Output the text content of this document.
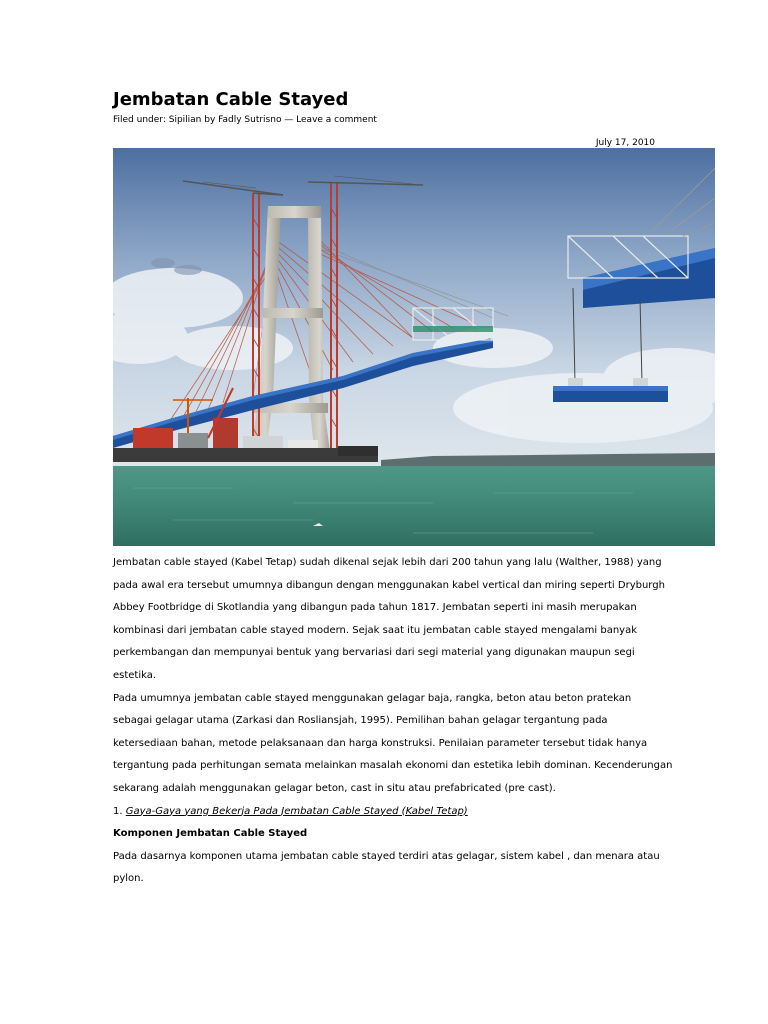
Jembatan Cable Stayed
Filed under: Sipilian by Fadly Sutrisno — Leave a comment
July 17, 2010

Jembatan cable stayed (Kabel Tetap) sudah dikenal sejak lebih dari 200 tahun yang lalu (Walther, 1988) yang pada awal era tersebut umumnya dibangun dengan menggunakan kabel vertical dan miring seperti Dryburgh Abbey Footbridge di Skotlandia yang dibangun pada tahun 1817. Jembatan seperti ini masih merupakan kombinasi dari jembatan cable stayed modern. Sejak saat itu jembatan cable stayed mengalami banyak perkembangan dan mempunyai bentuk yang bervariasi dari segi material yang digunakan maupun segi estetika.

Pada umumnya jembatan cable stayed menggunakan gelagar baja, rangka, beton atau beton pratekan sebagai gelagar utama (Zarkasi dan Rosliansjah, 1995). Pemilihan bahan gelagar tergantung pada ketersediaan bahan, metode pelaksanaan dan harga konstruksi. Penilaian parameter tersebut tidak hanya tergantung pada perhitungan semata melainkan masalah ekonomi dan estetika lebih dominan. Kecenderungan sekarang adalah menggunakan gelagar beton, cast in situ atau prefabricated (pre cast).

1. Gaya-Gaya yang Bekerja Pada Jembatan Cable Stayed (Kabel Tetap)

Komponen Jembatan Cable Stayed

Pada dasarnya komponen utama jembatan cable stayed terdiri atas gelagar, sistem kabel , dan menara atau pylon.
